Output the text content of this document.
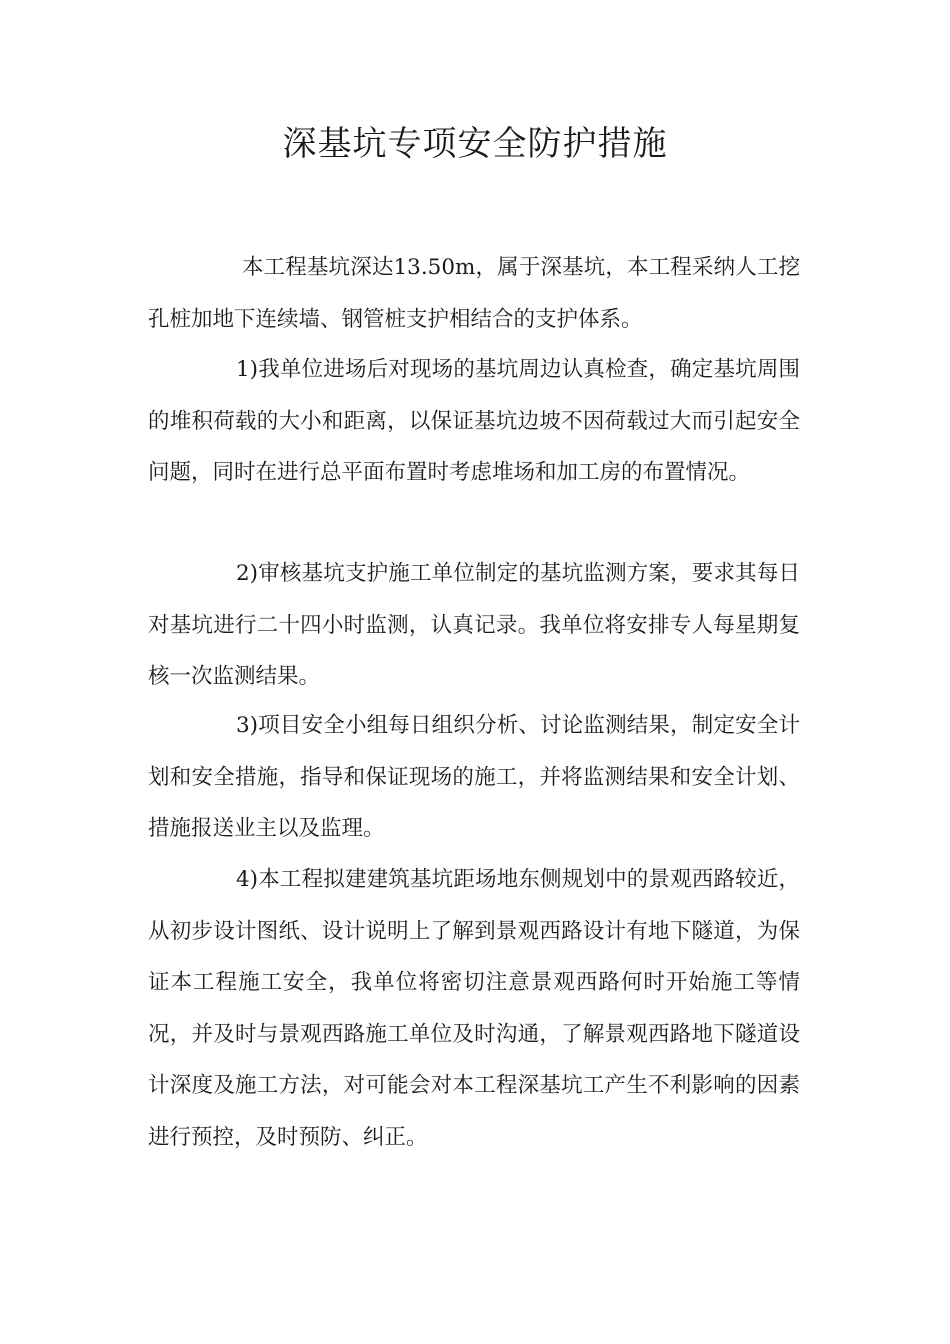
深基坑专项安全防护措施

本工程基坑深达13.50m，属于深基坑，本工程采纳人工挖孔桩加地下连续墙、钢管桩支护相结合的支护体系。

1)我单位进场后对现场的基坑周边认真检查，确定基坑周围的堆积荷载的大小和距离，以保证基坑边坡不因荷载过大而引起安全问题，同时在进行总平面布置时考虑堆场和加工房的布置情况。

2)审核基坑支护施工单位制定的基坑监测方案，要求其每日对基坑进行二十四小时监测，认真记录。我单位将安排专人每星期复核一次监测结果。

3)项目安全小组每日组织分析、讨论监测结果，制定安全计划和安全措施，指导和保证现场的施工，并将监测结果和安全计划、措施报送业主以及监理。

4)本工程拟建建筑基坑距场地东侧规划中的景观西路较近，从初步设计图纸、设计说明上了解到景观西路设计有地下隧道，为保证本工程施工安全，我单位将密切注意景观西路何时开始施工等情况，并及时与景观西路施工单位及时沟通，了解景观西路地下隧道设计深度及施工方法，对可能会对本工程深基坑工产生不利影响的因素进行预控，及时预防、纠正。
